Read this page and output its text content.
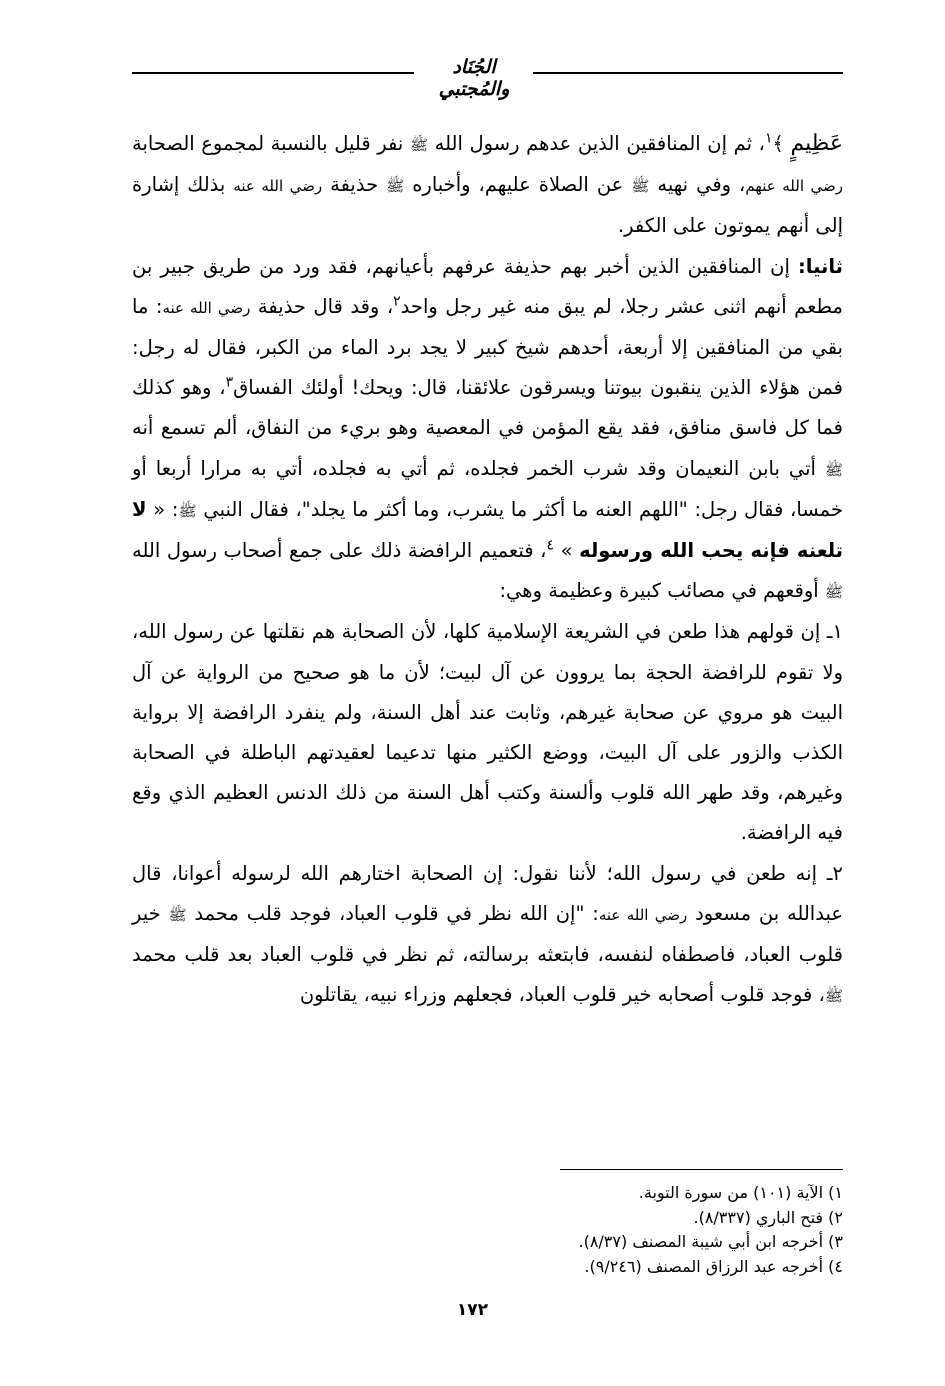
الجُنَاد والمُجتبي

عَظِيمٍ ﴾$^١$، ثم إن المنافقين الذين عدهم رسول الله ﷺ نفر قليل بالنسبة لمجموع الصحابة رضي الله عنهم، وفي نهيه ﷺ عن الصلاة عليهم، وأخباره ﷺ حذيفة رضي الله عنه بذلك إشارة إلى أنهم يموتون على الكفر.

ثانيا: إن المنافقين الذين أخبر بهم حذيفة عرفهم بأعيانهم، فقد ورد من طريق جبير بن مطعم أنهم اثنى عشر رجلا، لم يبق منه غير رجل واحد$^٢$، وقد قال حذيفة رضي الله عنه: ما بقي من المنافقين إلا أربعة، أحدهم شيخ كبير لا يجد برد الماء من الكبر، فقال له رجل: فمن هؤلاء الذين ينقبون بيوتنا ويسرقون علائقنا، قال: ويحك! أولئك الفساق$^٣$، وهو كذلك فما كل فاسق منافق، فقد يقع المؤمن في المعصية وهو بريء من النفاق، ألم تسمع أنه ﷺ أتي بابن النعيمان وقد شرب الخمر فجلده، ثم أتي به فجلده، أتي به مرارا أربعا أو خمسا، فقال رجل: "اللهم العنه ما أكثر ما يشرب، وما أكثر ما يجلد"، فقال النبي ﷺ: « لا تلعنه فإنه يحب الله ورسوله » $^٤$، فتعميم الرافضة ذلك على جمع أصحاب رسول الله ﷺ أوقعهم في مصائب كبيرة وعظيمة وهي:

١ـ إن قولهم هذا طعن في الشريعة الإسلامية كلها، لأن الصحابة هم نقلتها عن رسول الله، ولا تقوم للرافضة الحجة بما يروون عن آل لبيت؛ لأن ما هو صحيح من الرواية عن آل البيت هو مروي عن صحابة غيرهم، وثابت عند أهل السنة، ولم ينفرد الرافضة إلا برواية الكذب والزور على آل البيت، ووضع الكثير منها تدعيما لعقيدتهم الباطلة في الصحابة وغيرهم، وقد طهر الله قلوب وألسنة وكتب أهل السنة من ذلك الدنس العظيم الذي وقع فيه الرافضة.

٢ـ إنه طعن في رسول الله؛ لأننا نقول: إن الصحابة اختارهم الله لرسوله أعوانا، قال عبدالله بن مسعود رضي الله عنه: "إن الله نظر في قلوب العباد، فوجد قلب محمد ﷺ خير قلوب العباد، فاصطفاه لنفسه، فابتعثه برسالته، ثم نظر في قلوب العباد بعد قلب محمد ﷺ، فوجد قلوب أصحابه خير قلوب العباد، فجعلهم وزراء نبيه، يقاتلون

١) الآية (١٠١) من سورة التوبة.
٢) فتح الباري (٨/٣٣٧).
٣) أخرجه ابن أبي شيبة المصنف (٨/٣٧).
٤) أخرجه عبد الرزاق المصنف (٩/٢٤٦).
١٧٢
